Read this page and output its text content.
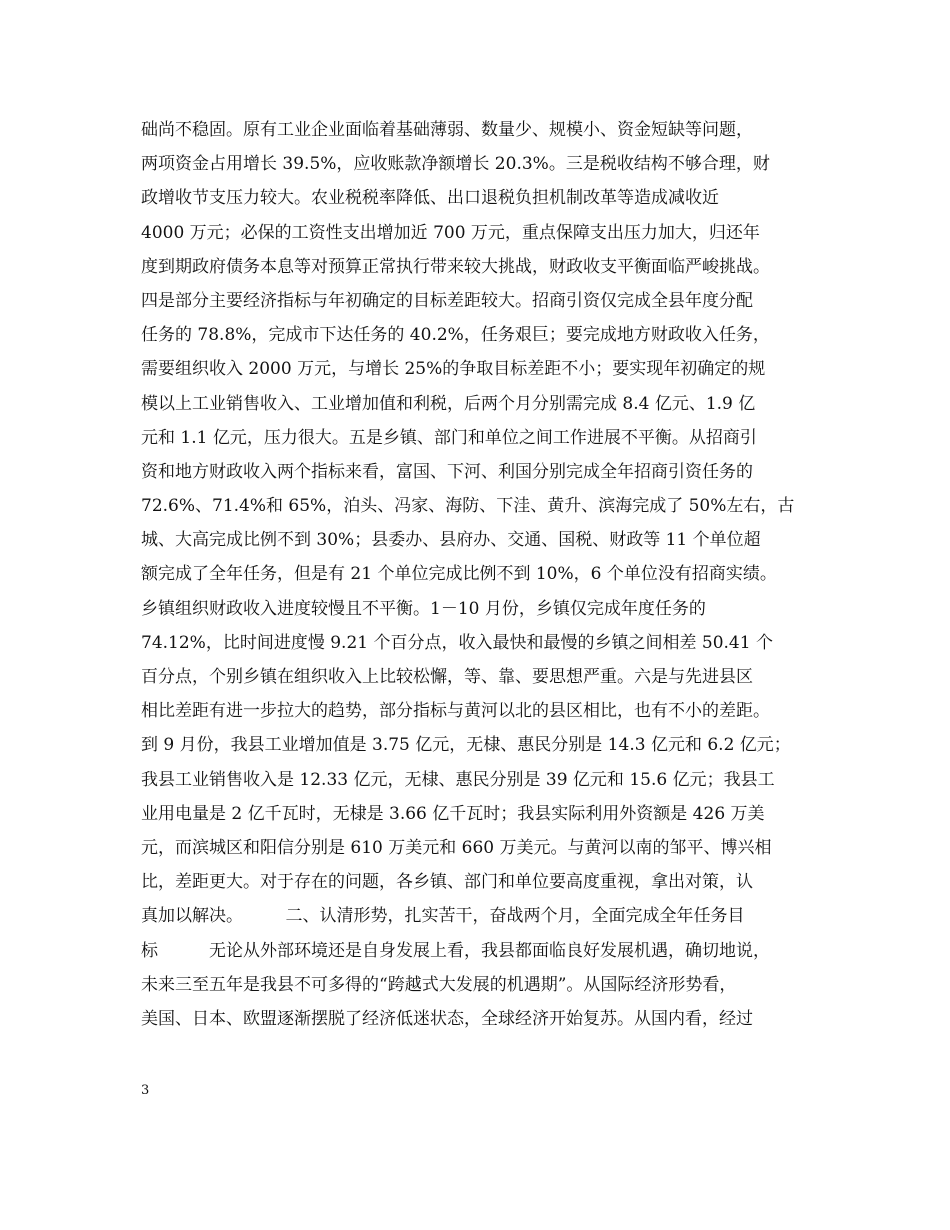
础尚不稳固。原有工业企业面临着基础薄弱、数量少、规模小、资金短缺等问题，
两项资金占用增长 39.5%，应收账款净额增长 20.3%。三是税收结构不够合理，财
政增收节支压力较大。农业税税率降低、出口退税负担机制改革等造成减收近
4000 万元；必保的工资性支出增加近 700 万元，重点保障支出压力加大，归还年
度到期政府债务本息等对预算正常执行带来较大挑战，财政收支平衡面临严峻挑战。
四是部分主要经济指标与年初确定的目标差距较大。招商引资仅完成全县年度分配
任务的 78.8%，完成市下达任务的 40.2%，任务艰巨；要完成地方财政收入任务，
需要组织收入 2000 万元，与增长 25%的争取目标差距不小；要实现年初确定的规
模以上工业销售收入、工业增加值和利税，后两个月分别需完成 8.4 亿元、1.9 亿
元和 1.1 亿元，压力很大。五是乡镇、部门和单位之间工作进展不平衡。从招商引
资和地方财政收入两个指标来看，富国、下河、利国分别完成全年招商引资任务的
72.6%、71.4%和 65%，泊头、冯家、海防、下洼、黄升、滨海完成了 50%左右，古
城、大高完成比例不到 30%；县委办、县府办、交通、国税、财政等 11 个单位超
额完成了全年任务，但是有 21 个单位完成比例不到 10%，6 个单位没有招商实绩。
乡镇组织财政收入进度较慢且不平衡。1－10 月份，乡镇仅完成年度任务的
74.12%，比时间进度慢 9.21 个百分点，收入最快和最慢的乡镇之间相差 50.41 个
百分点，个别乡镇在组织收入上比较松懈，等、靠、要思想严重。六是与先进县区
相比差距有进一步拉大的趋势，部分指标与黄河以北的县区相比，也有不小的差距。
到 9 月份，我县工业增加值是 3.75 亿元，无棣、惠民分别是 14.3 亿元和 6.2 亿元；
我县工业销售收入是 12.33 亿元，无棣、惠民分别是 39 亿元和 15.6 亿元；我县工
业用电量是 2 亿千瓦时，无棣是 3.66 亿千瓦时；我县实际利用外资额是 426 万美
元，而滨城区和阳信分别是 610 万美元和 660 万美元。与黄河以南的邹平、博兴相
比，差距更大。对于存在的问题，各乡镇、部门和单位要高度重视，拿出对策，认
真加以解决。　　　二、认清形势，扎实苦干，奋战两个月，全面完成全年任务目
标　　　无论从外部环境还是自身发展上看，我县都面临良好发展机遇，确切地说，
未来三至五年是我县不可多得的“跨越式大发展的机遇期”。从国际经济形势看，
美国、日本、欧盟逐渐摆脱了经济低迷状态，全球经济开始复苏。从国内看，经过
3
